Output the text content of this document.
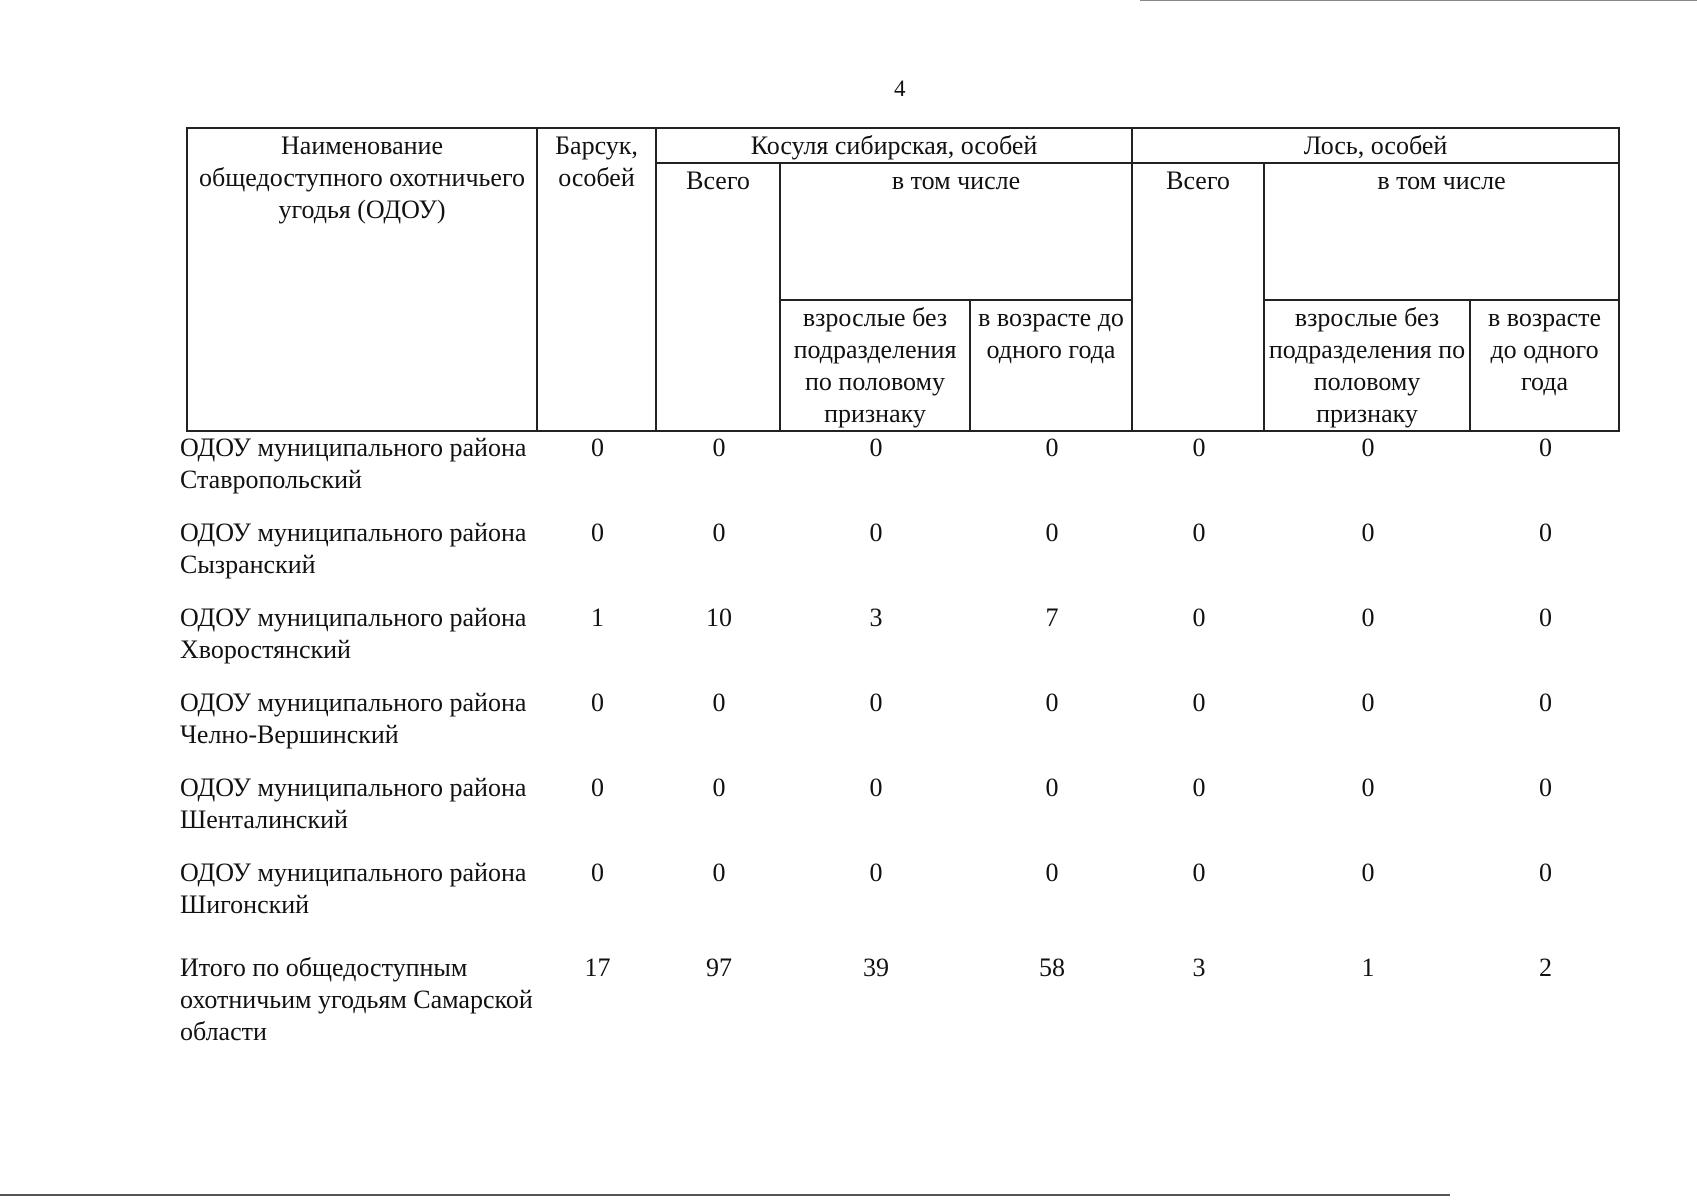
4
Наименование общедоступного охотничьего угодья (ОДОУ)	Барсук, особей	Косуля сибирская, особей			Лось, особей		
		Всего	в том числе		Всего	в том числе	
			взрослые без подразделения по половому признаку	в возрасте до одного года		взрослые без подразделения по половому признаку	в возрасте до одного года
ОДОУ муниципального района Ставропольский	0	0	0	0	0	0	0
ОДОУ муниципального района Сызранский	0	0	0	0	0	0	0
ОДОУ муниципального района Хворостянский	1	10	3	7	0	0	0
ОДОУ муниципального района Челно-Вершинский	0	0	0	0	0	0	0
ОДОУ муниципального района Шенталинский	0	0	0	0	0	0	0
ОДОУ муниципального района Шигонский	0	0	0	0	0	0	0
Итого по общедоступным охотничьим угодьям Самарской области	17	97	39	58	3	1	2
